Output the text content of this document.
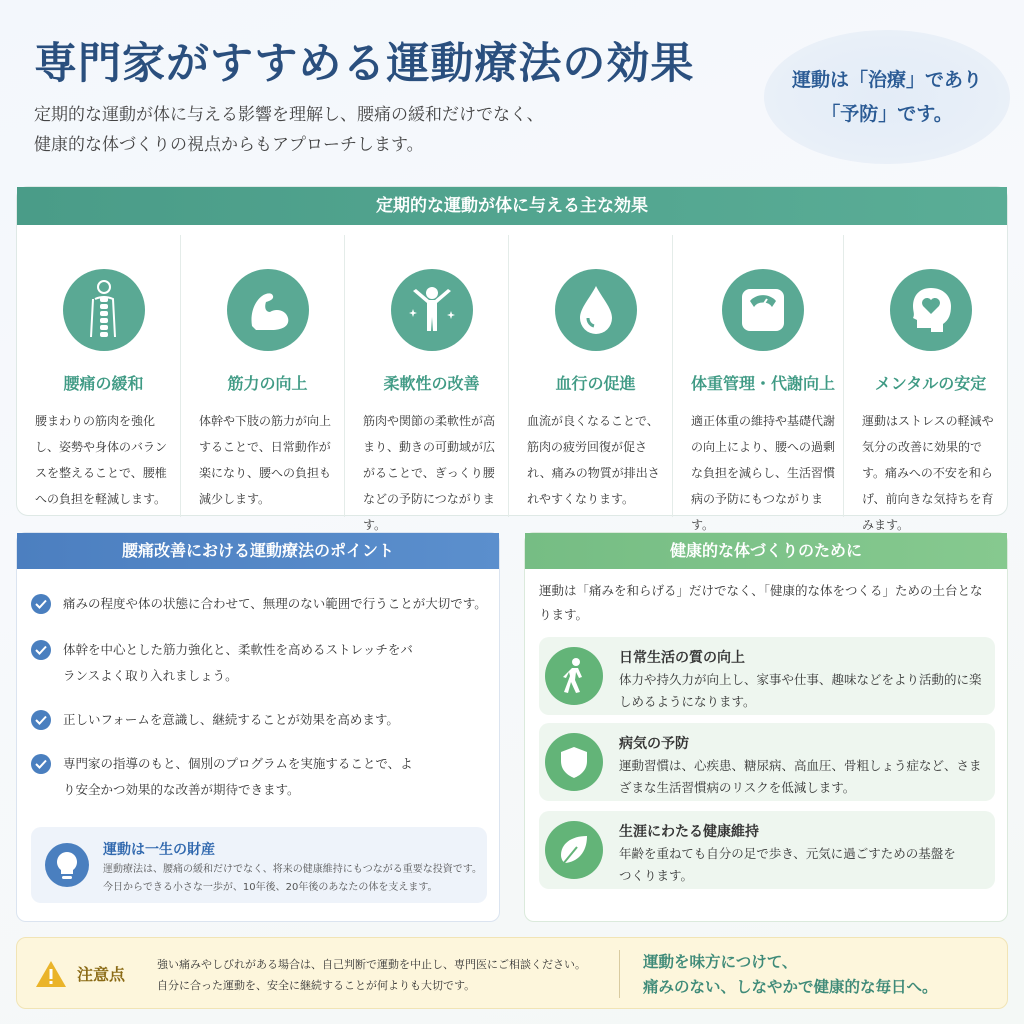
専門家がすすめる運動療法の効果
定期的な運動が体に与える影響を理解し、腰痛の緩和だけでなく、
健康的な体づくりの視点からもアプローチします。
運動は「治療」であり
「予防」です。
定期的な運動が体に与える主な効果
腰痛の緩和
腰まわりの筋肉を強化し、姿勢や身体のバランスを整えることで、腰椎への負担を軽減します。
筋力の向上
体幹や下肢の筋力が向上することで、日常動作が楽になり、腰への負担も減少します。
柔軟性の改善
筋肉や関節の柔軟性が高まり、動きの可動域が広がることで、ぎっくり腰などの予防につながります。
血行の促進
血流が良くなることで、筋肉の疲労回復が促され、痛みの物質が排出されやすくなります。
体重管理・代謝向上
適正体重の維持や基礎代謝の向上により、腰への過剰な負担を減らし、生活習慣病の予防にもつながります。
メンタルの安定
運動はストレスの軽減や気分の改善に効果的です。痛みへの不安を和らげ、前向きな気持ちを育みます。
腰痛改善における運動療法のポイント
痛みの程度や体の状態に合わせて、無理のない範囲で行うことが大切です。
体幹を中心とした筋力強化と、柔軟性を高めるストレッチをバランスよく取り入れましょう。
正しいフォームを意識し、継続することが効果を高めます。
専門家の指導のもと、個別のプログラムを実施することで、より安全かつ効果的な改善が期待できます。
運動は一生の財産
運動療法は、腰痛の緩和だけでなく、将来の健康維持にもつながる重要な投資です。
今日からできる小さな一歩が、10年後、20年後のあなたの体を支えます。
健康的な体づくりのために
運動は「痛みを和らげる」だけでなく、「健康的な体をつくる」ための土台となります。
日常生活の質の向上
体力や持久力が向上し、家事や仕事、趣味などをより活動的に楽しめるようになります。
病気の予防
運動習慣は、心疾患、糖尿病、高血圧、骨粗しょう症など、さまざまな生活習慣病のリスクを低減します。
生涯にわたる健康維持
年齢を重ねても自分の足で歩き、元気に過ごすための基盤をつくります。
注意点
強い痛みやしびれがある場合は、自己判断で運動を中止し、専門医にご相談ください。
自分に合った運動を、安全に継続することが何よりも大切です。
運動を味方につけて、
痛みのない、しなやかで健康的な毎日へ。
